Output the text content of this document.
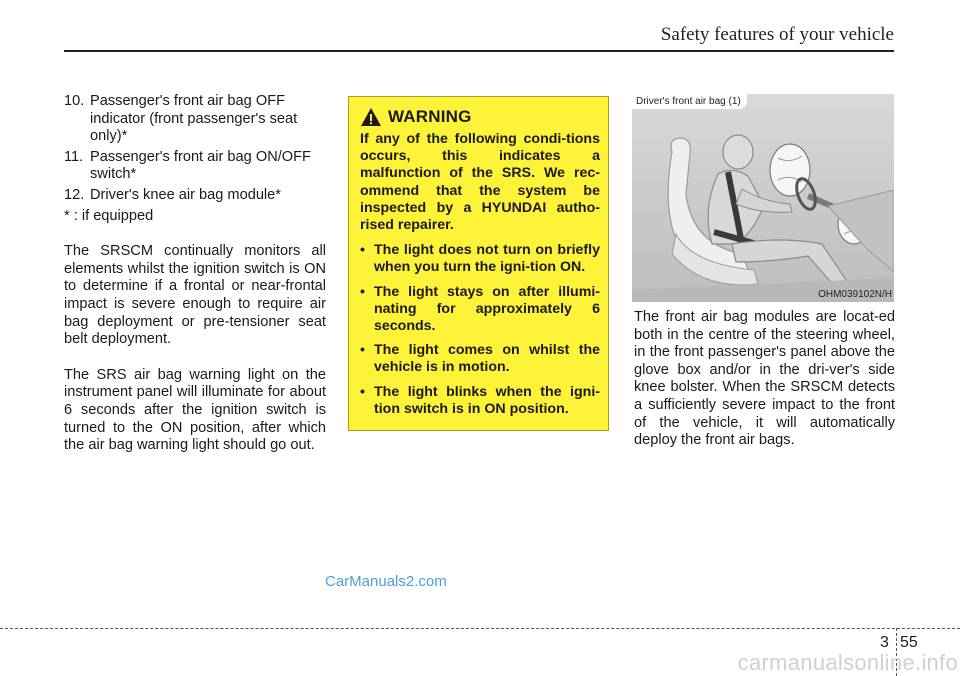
Safety features of your vehicle
10. Passenger's front air bag OFF indicator (front passenger's seat only)*
11. Passenger's front air bag ON/OFF switch*
12. Driver's knee air bag module*
* : if equipped

The SRSCM continually monitors all elements whilst the ignition switch is ON to determine if a frontal or near-frontal impact is severe enough to require air bag deployment or pre-tensioner seat belt deployment.

The SRS air bag warning light on the instrument panel will illuminate for about 6 seconds after the ignition switch is turned to the ON position, after which the air bag warning light should go out.

WARNING

If any of the following condi-tions occurs, this indicates a malfunction of the SRS. We rec-ommend that the system be inspected by a HYUNDAI autho-rised repairer.

• The light does not turn on briefly when you turn the igni-tion ON.
• The light stays on after illumi-nating for approximately 6 seconds.
• The light comes on whilst the vehicle is in motion.
• The light blinks when the igni-tion switch is in ON position.
Driver's front air bag (1)
OHM039102N/H

The front air bag modules are locat-ed both in the centre of the steering wheel, in the front passenger's panel above the glove box and/or in the dri-ver's side knee bolster. When the SRSCM detects a sufficiently severe impact to the front of the vehicle, it will automatically deploy the front air bags.

CarManuals2.com
3 55
carmanualsonline.info
